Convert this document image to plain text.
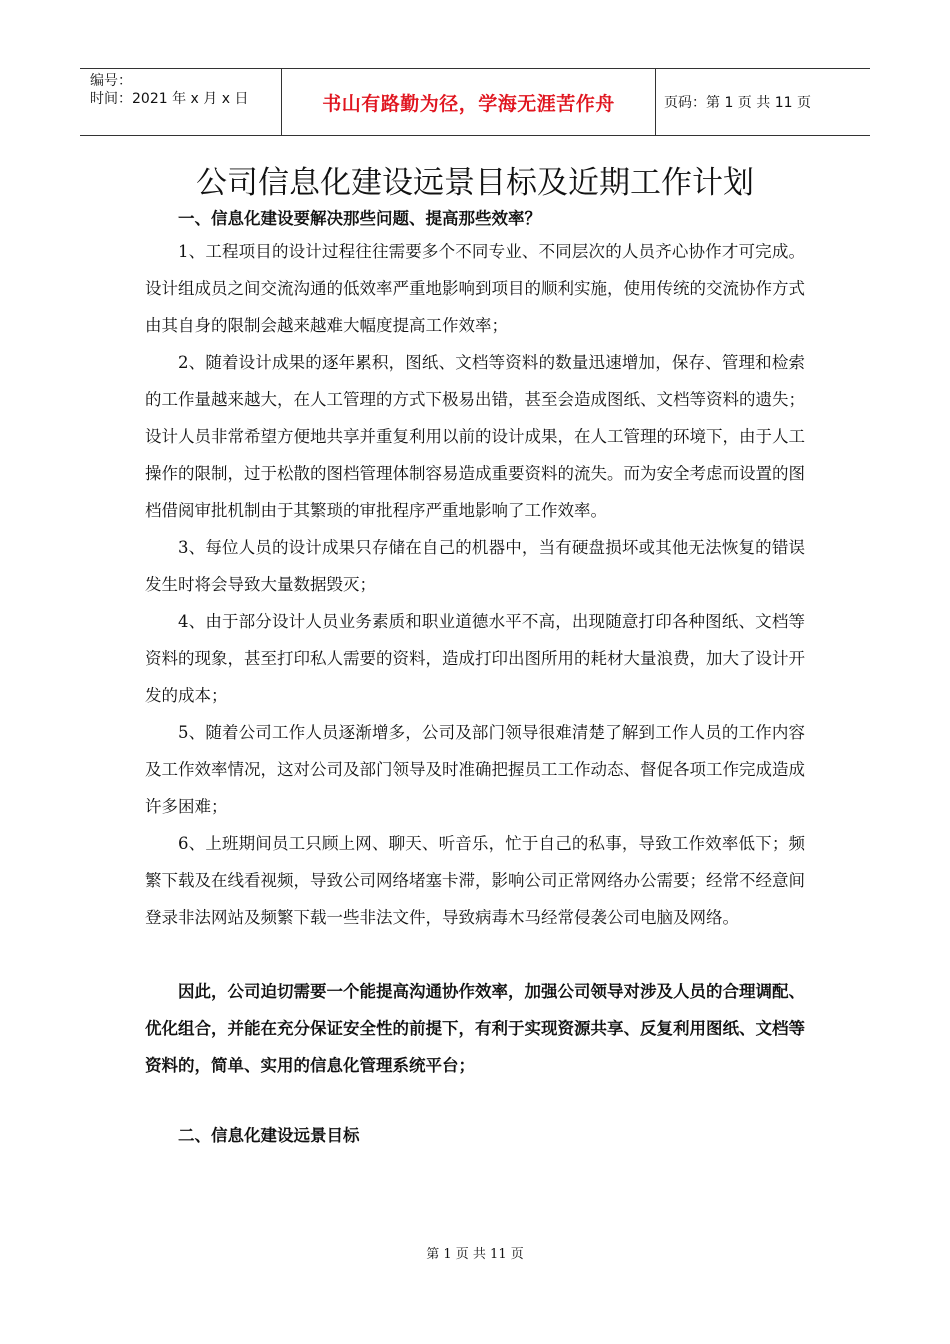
编号：
时间：2021 年 x 月 x 日	书山有路勤为径，学海无涯苦作舟	页码：第 1 页 共 11 页
公司信息化建设远景目标及近期工作计划
一、信息化建设要解决那些问题、提高那些效率？

1、工程项目的设计过程往往需要多个不同专业、不同层次的人员齐心协作才可完成。设计组成员之间交流沟通的低效率严重地影响到项目的顺利实施，使用传统的交流协作方式由其自身的限制会越来越难大幅度提高工作效率；

2、随着设计成果的逐年累积，图纸、文档等资料的数量迅速增加，保存、管理和检索的工作量越来越大，在人工管理的方式下极易出错，甚至会造成图纸、文档等资料的遗失；设计人员非常希望方便地共享并重复利用以前的设计成果，在人工管理的环境下，由于人工操作的限制，过于松散的图档管理体制容易造成重要资料的流失。而为安全考虑而设置的图档借阅审批机制由于其繁琐的审批程序严重地影响了工作效率。

3、每位人员的设计成果只存储在自己的机器中，当有硬盘损坏或其他无法恢复的错误发生时将会导致大量数据毁灭；

4、由于部分设计人员业务素质和职业道德水平不高，出现随意打印各种图纸、文档等资料的现象，甚至打印私人需要的资料，造成打印出图所用的耗材大量浪费，加大了设计开发的成本；

5、随着公司工作人员逐渐增多，公司及部门领导很难清楚了解到工作人员的工作内容及工作效率情况，这对公司及部门领导及时准确把握员工工作动态、督促各项工作完成造成许多困难；

6、上班期间员工只顾上网、聊天、听音乐，忙于自己的私事，导致工作效率低下；频繁下载及在线看视频，导致公司网络堵塞卡滞，影响公司正常网络办公需要；经常不经意间登录非法网站及频繁下载一些非法文件，导致病毒木马经常侵袭公司电脑及网络。

因此，公司迫切需要一个能提高沟通协作效率，加强公司领导对涉及人员的合理调配、优化组合，并能在充分保证安全性的前提下，有利于实现资源共享、反复利用图纸、文档等资料的，简单、实用的信息化管理系统平台；

二、信息化建设远景目标
第 1 页 共 11 页
